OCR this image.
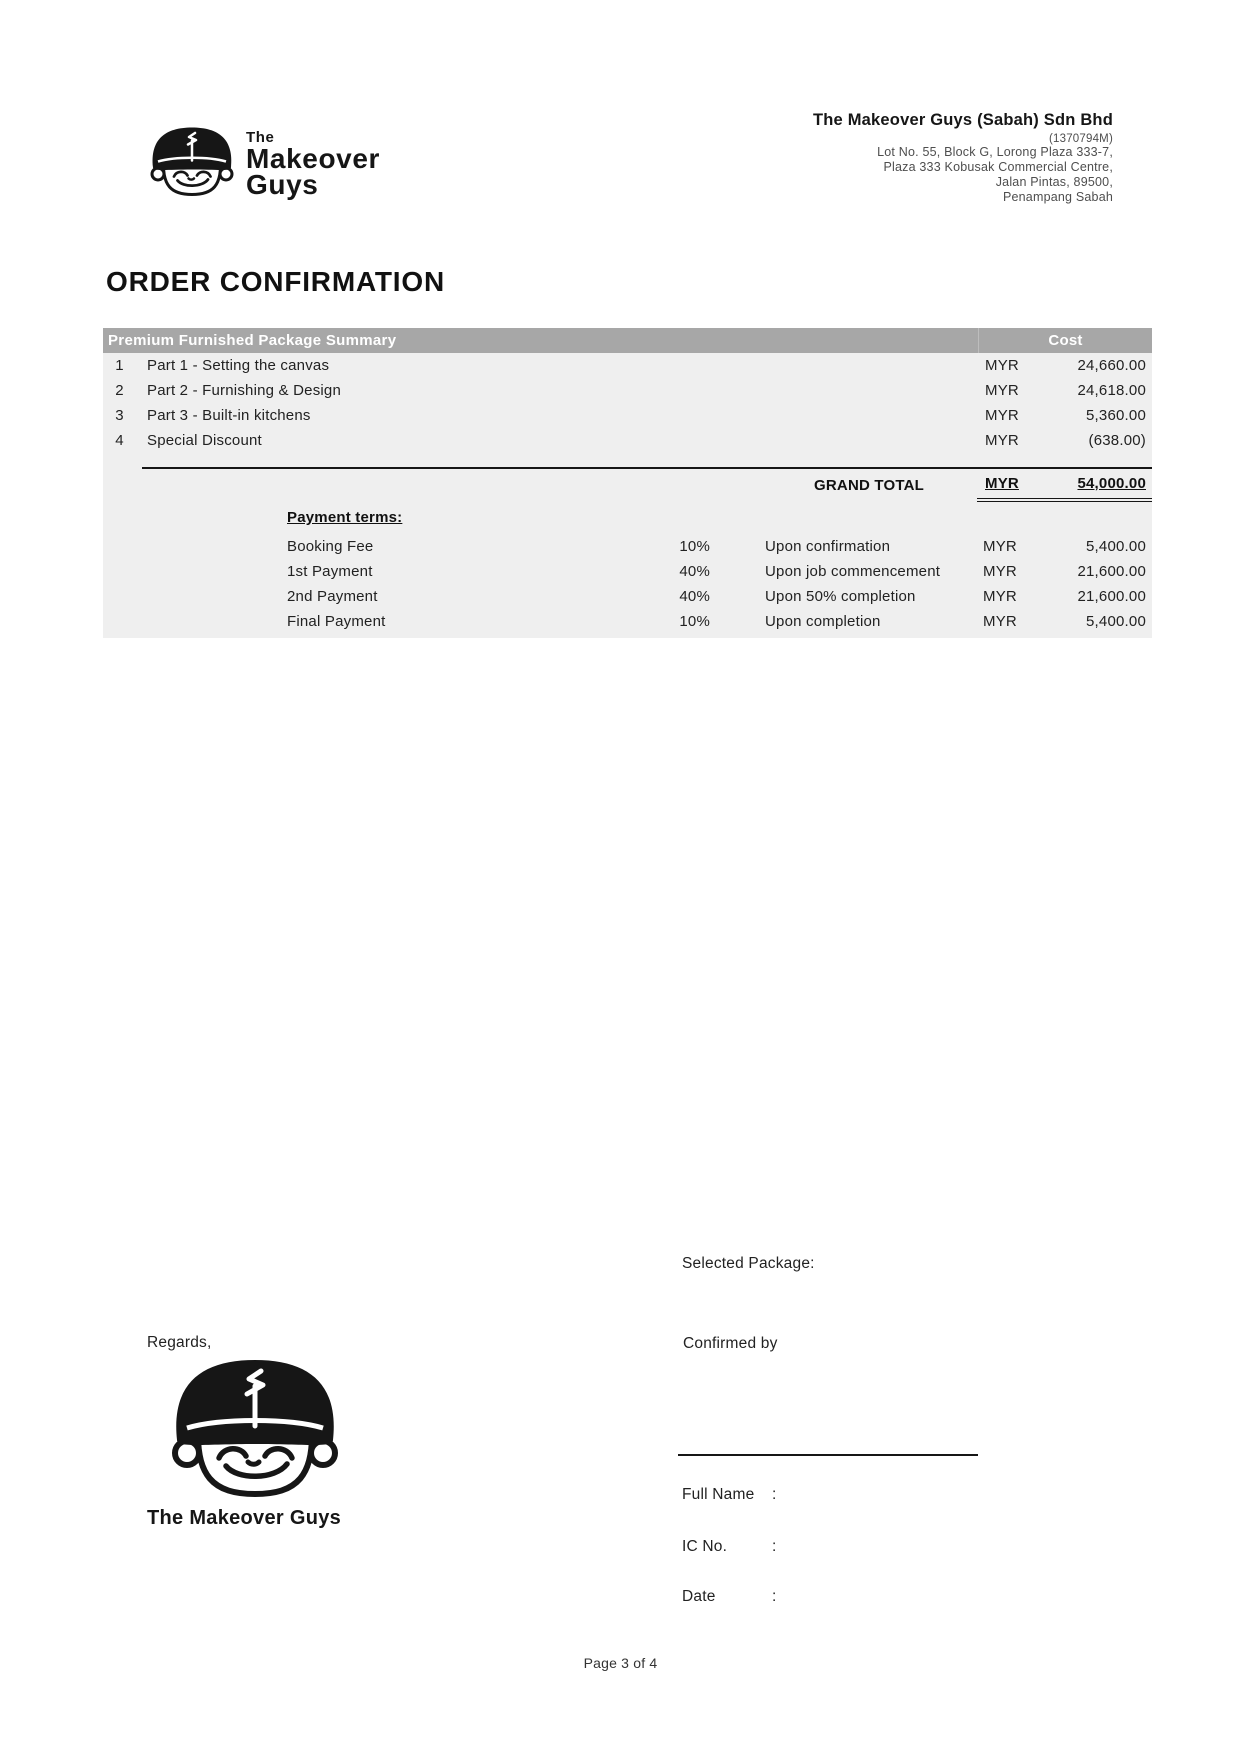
The
Makeover
Guys
The Makeover Guys (Sabah) Sdn Bhd
(1370794M)
Lot No. 55, Block G, Lorong Plaza 333-7,
Plaza 333 Kobusak Commercial Centre,
Jalan Pintas, 89500,
Penampang Sabah
ORDER CONFIRMATION
Premium Furnished Package Summary	Cost
1	Part 1 - Setting the canvas	MYR	24,660.00
2	Part 2 - Furnishing & Design	MYR	24,618.00
3	Part 3 - Built-in kitchens	MYR	5,360.00
4	Special Discount	MYR	(638.00)
GRAND TOTAL	MYR	54,000.00
Payment terms:
Booking Fee	10%	Upon confirmation	MYR	5,400.00
1st Payment	40%	Upon job commencement	MYR	21,600.00
2nd Payment	40%	Upon 50% completion	MYR	21,600.00
Final Payment	10%	Upon completion	MYR	5,400.00
Selected Package:
Regards,	Confirmed by
The Makeover Guys
Full Name :
IC No.	:
Date	:
Page 3 of 4
